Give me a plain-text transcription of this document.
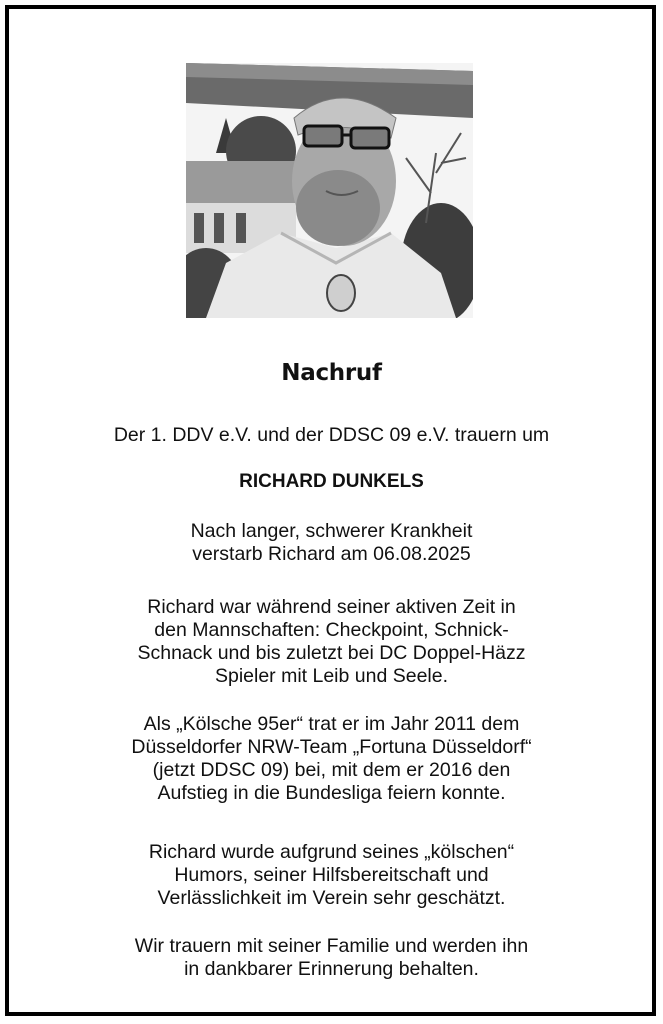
Nachruf
Der 1. DDV e.V. und der DDSC 09 e.V. trauern um
RICHARD DUNKELS
Nach langer, schwerer Krankheit
verstarb Richard am 06.08.2025
Richard war während seiner aktiven Zeit in
den Mannschaften: Checkpoint, Schnick-
Schnack und bis zuletzt bei DC Doppel-Häzz
Spieler mit Leib und Seele.
Als „Kölsche 95er“ trat er im Jahr 2011 dem
Düsseldorfer NRW-Team „Fortuna Düsseldorf“
(jetzt DDSC 09) bei, mit dem er 2016 den
Aufstieg in die Bundesliga feiern konnte.
Richard wurde aufgrund seines „kölschen“
Humors, seiner Hilfsbereitschaft und
Verlässlichkeit im Verein sehr geschätzt.
Wir trauern mit seiner Familie und werden ihn
in dankbarer Erinnerung behalten.
